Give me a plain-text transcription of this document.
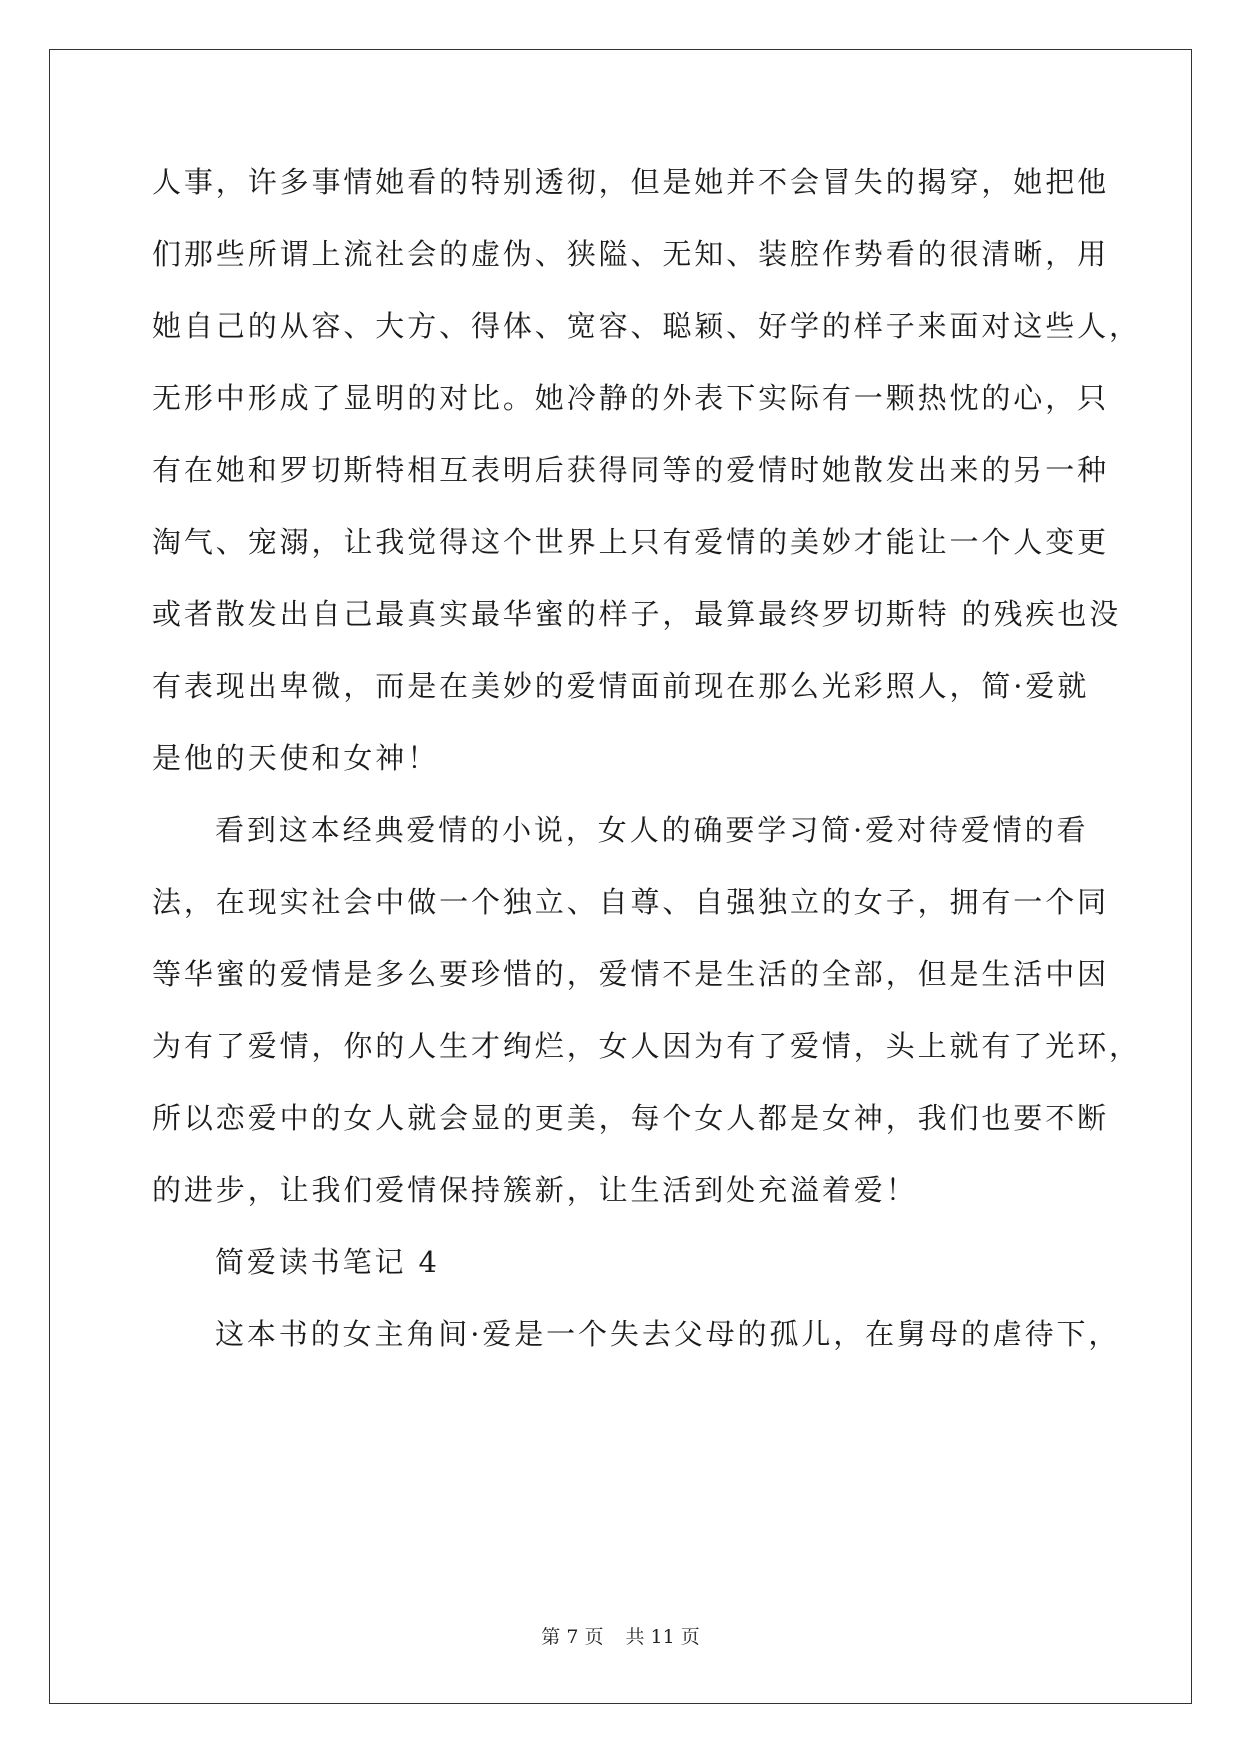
人事，许多事情她看的特别透彻，但是她并不会冒失的揭穿，她把他
们那些所谓上流社会的虚伪、狭隘、无知、装腔作势看的很清晰，用
她自己的从容、大方、得体、宽容、聪颖、好学的样子来面对这些人，
无形中形成了显明的对比。她冷静的外表下实际有一颗热忱的心，只
有在她和罗切斯特相互表明后获得同等的爱情时她散发出来的另一种
淘气、宠溺，让我觉得这个世界上只有爱情的美妙才能让一个人变更
或者散发出自己最真实最华蜜的样子，最算最终罗切斯特 的残疾也没
有表现出卑微，而是在美妙的爱情面前现在那么光彩照人，简·爱就
是他的天使和女神！
看到这本经典爱情的小说，女人的确要学习简·爱对待爱情的看
法，在现实社会中做一个独立、自尊、自强独立的女子，拥有一个同
等华蜜的爱情是多么要珍惜的，爱情不是生活的全部，但是生活中因
为有了爱情，你的人生才绚烂，女人因为有了爱情，头上就有了光环，
所以恋爱中的女人就会显的更美，每个女人都是女神，我们也要不断
的进步，让我们爱情保持簇新，让生活到处充溢着爱！
简爱读书笔记 4
这本书的女主角间·爱是一个失去父母的孤儿，在舅母的虐待下，
第 7 页 共 11 页
